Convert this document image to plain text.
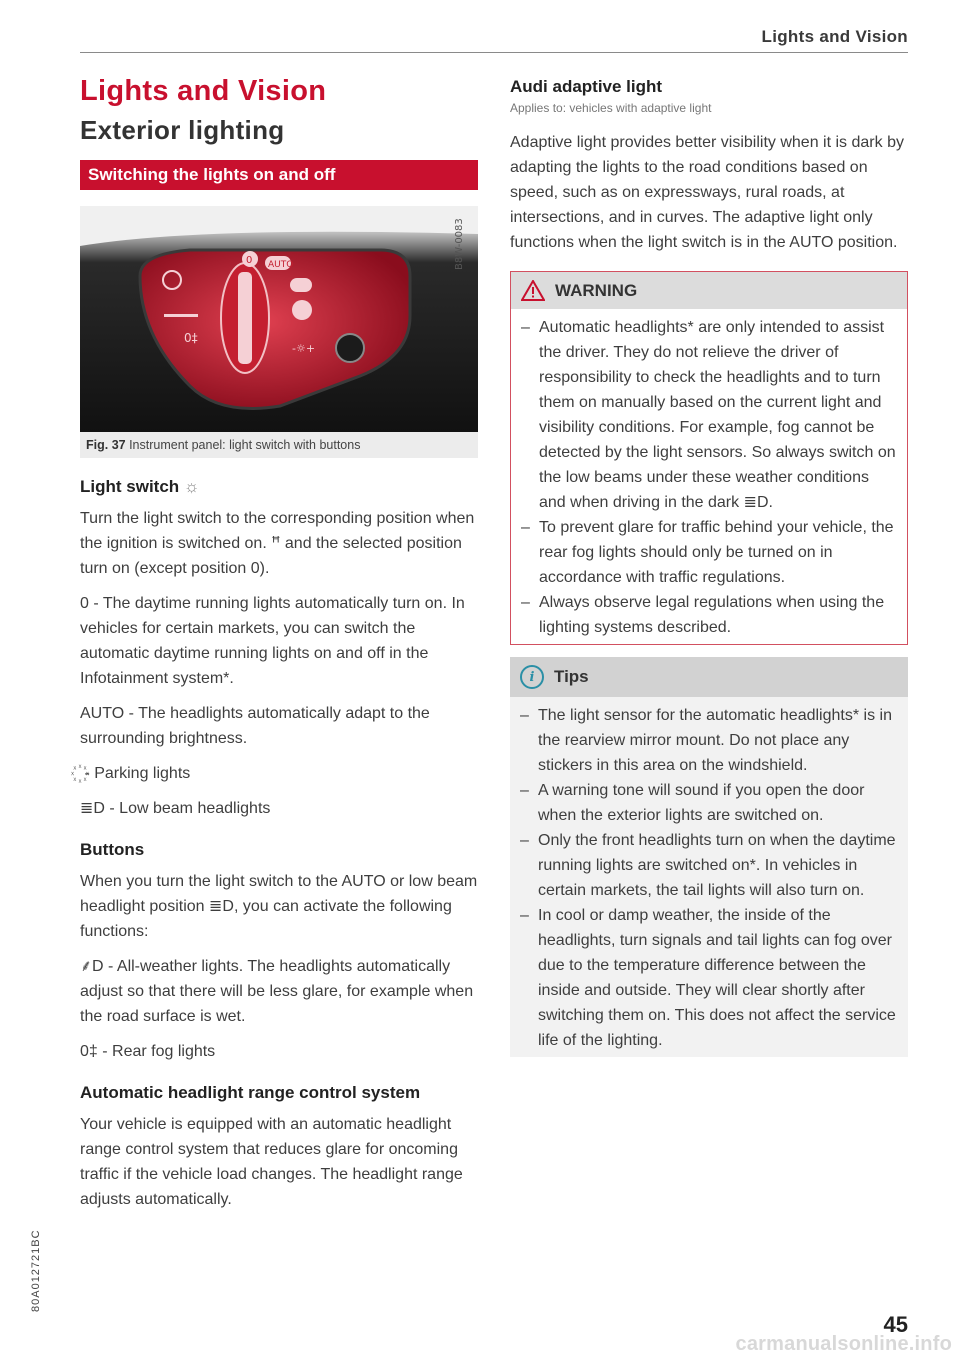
Lights and Vision
Lights and Vision
Exterior lighting
Switching the lights on and off
0‡
0 AUTO
-☼+
B8W-0083
Fig. 37 Instrument panel: light switch with buttons
Light switch ☼

Turn the light switch to the corresponding position when the ignition is switched on. ꟸ and the selected position turn on (except position 0).

0 - The daytime running lights automatically turn on. In vehicles for certain markets, you can switch the automatic daytime running lights on and off in the Infotainment system*.

AUTO - The headlights automatically adapt to the surrounding brightness.

꙰ - Parking lights

≣D - Low beam headlights

Buttons

When you turn the light switch to the AUTO or low beam headlight position ≣D, you can activate the following functions:

⸙D - All-weather lights. The headlights automatically adjust so that there will be less glare, for example when the road surface is wet.

0‡ - Rear fog lights

Automatic headlight range control system

Your vehicle is equipped with an automatic headlight range control system that reduces glare for oncoming traffic if the vehicle load changes. The headlight range adjusts automatically.

Audi adaptive light
Applies to: vehicles with adaptive light

Adaptive light provides better visibility when it is dark by adapting the lights to the road conditions based on speed, such as on expressways, rural roads, at intersections, and in curves. The adaptive light only functions when the light switch is in the AUTO position.

WARNING
– Automatic headlights* are only intended to assist the driver. They do not relieve the driver of responsibility to check the headlights and to turn them on manually based on the current light and visibility conditions. For example, fog cannot be detected by the light sensors. So always switch on the low beams under these weather conditions and when driving in the dark ≣D.
– To prevent glare for traffic behind your vehicle, the rear fog lights should only be turned on in accordance with traffic regulations.
– Always observe legal regulations when using the lighting systems described.
i	Tips
– The light sensor for the automatic headlights* is in the rearview mirror mount. Do not place any stickers in this area on the windshield.
– A warning tone will sound if you open the door when the exterior lights are switched on.
– Only the front headlights turn on when the daytime running lights are switched on*. In vehicles in certain markets, the tail lights will also turn on.
– In cool or damp weather, the inside of the headlights, turn signals and tail lights can fog over due to the temperature difference between the inside and outside. They will clear shortly after switching them on. This does not affect the service life of the lighting.
80A012721BC
45
carmanualsonline.info
